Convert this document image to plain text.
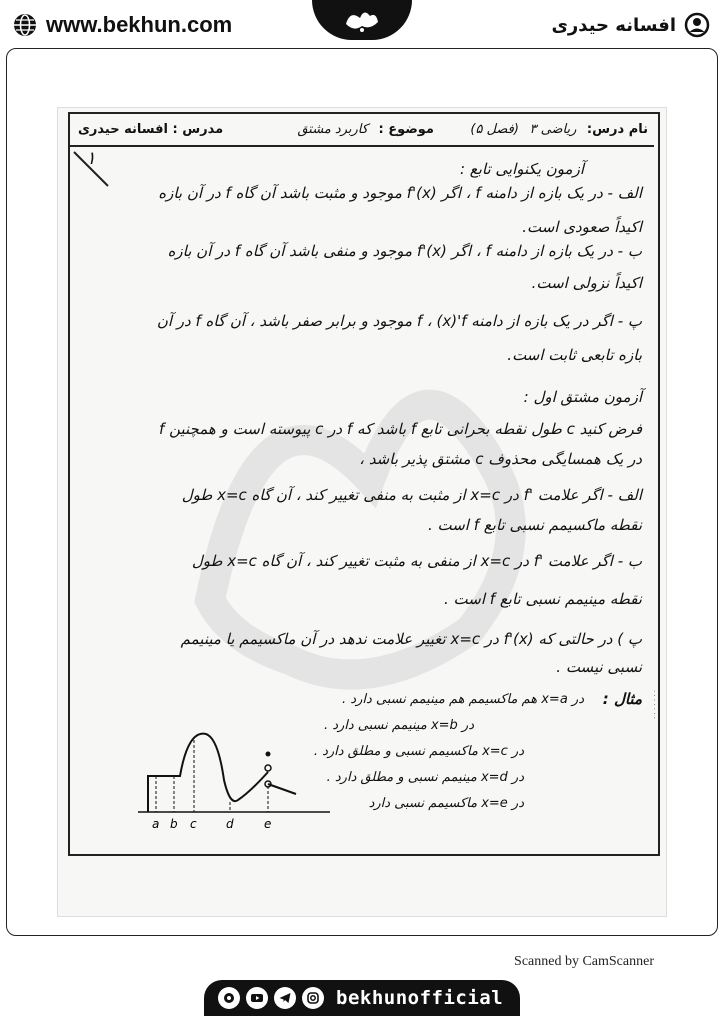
www.bekhun.com	افسانه حیدری
نام درس: ریاضی ۳ (فصل ۵)
موضوع : کاربرد مشتق
مدرس : افسانه حیدری
۱	آزمون یکنوایی تابع :
الف - در یک بازه از دامنه f ، اگر (x)'f موجود و مثبت باشد آن گاه f در آن بازه
اکیداً صعودی است.
ب - در یک بازه از دامنه f ، اگر (x)'f موجود و منفی باشد آن گاه f در آن بازه
اکیداً نزولی است.
پ - اگر در یک بازه از دامنه f ، (x)'f موجود و برابر صفر باشد ، آن گاه f در آن
بازه تابعی ثابت است.
آزمون مشتق اول :
فرض کنید c طول نقطه بحرانی تابع f باشد که f در c پیوسته است و همچنین f
در یک همسایگی محذوف c مشتق پذیر باشد ،
الف - اگر علامت 'f در x=c از مثبت به منفی تغییر کند ، آن گاه x=c طول
نقطه ماکسیمم نسبی تابع f است .
ب - اگر علامت 'f در x=c از منفی به مثبت تغییر کند ، آن گاه x=c طول
نقطه مینیمم نسبی تابع f است .
پ ) در حالتی که (x)'f در x=c تغییر علامت ندهد در آن ماکسیمم یا مینیمم
نسبی نیست .
مثال :
در x=a هم ماکسیمم هم مینیمم نسبی دارد .
در x=b مینیمم نسبی دارد .
در x=c ماکسیمم نسبی و مطلق دارد .
در x=d مینیمم نسبی و مطلق دارد .
در x=e ماکسیمم نسبی دارد
a b c d	e
Scanned by CamScanner
bekhunofficial
. . . . . . .
